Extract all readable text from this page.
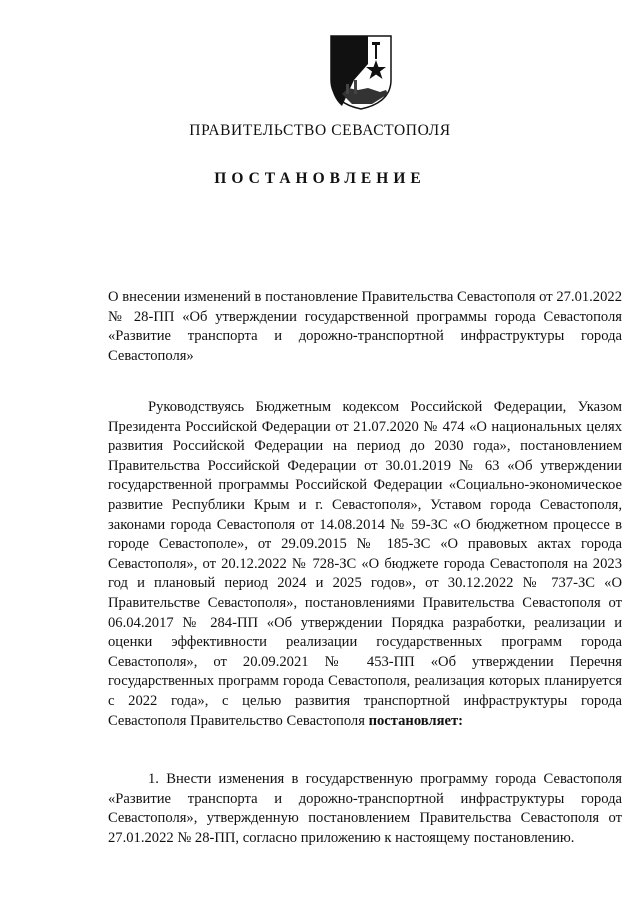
ПРАВИТЕЛЬСТВО СЕВАСТОПОЛЯ
ПОСТАНОВЛЕНИЕ
О внесении изменений в постановление Правительства Севастополя от 27.01.2022 № 28-ПП «Об утверждении государственной программы города Севастополя «Развитие транспорта и дорожно-транспортной инфраструктуры города Севастополя»
Руководствуясь Бюджетным кодексом Российской Федерации, Указом Президента Российской Федерации от 21.07.2020 № 474 «О национальных целях развития Российской Федерации на период до 2030 года», постановлением Правительства Российской Федерации от 30.01.2019 № 63 «Об утверждении государственной программы Российской Федерации «Социально-экономическое развитие Республики Крым и г. Севастополя», Уставом города Севастополя, законами города Севастополя от 14.08.2014 № 59-ЗС «О бюджетном процессе в городе Севастополе», от 29.09.2015 № 185-ЗС «О правовых актах города Севастополя», от 20.12.2022 № 728-ЗС «О бюджете города Севастополя на 2023 год и плановый период 2024 и 2025 годов», от 30.12.2022 № 737-ЗС «О Правительстве Севастополя», постановлениями Правительства Севастополя от 06.04.2017 № 284-ПП «Об утверждении Порядка разработки, реализации и оценки эффективности реализации государственных программ города Севастополя», от 20.09.2021 № 453-ПП «Об утверждении Перечня государственных программ города Севастополя, реализация которых планируется с 2022 года», с целью развития транспортной инфраструктуры города Севастополя Правительство Севастополя постановляет:
1. Внести изменения в государственную программу города Севастополя «Развитие транспорта и дорожно-транспортной инфраструктуры города Севастополя», утвержденную постановлением Правительства Севастополя от 27.01.2022 № 28-ПП, согласно приложению к настоящему постановлению.
